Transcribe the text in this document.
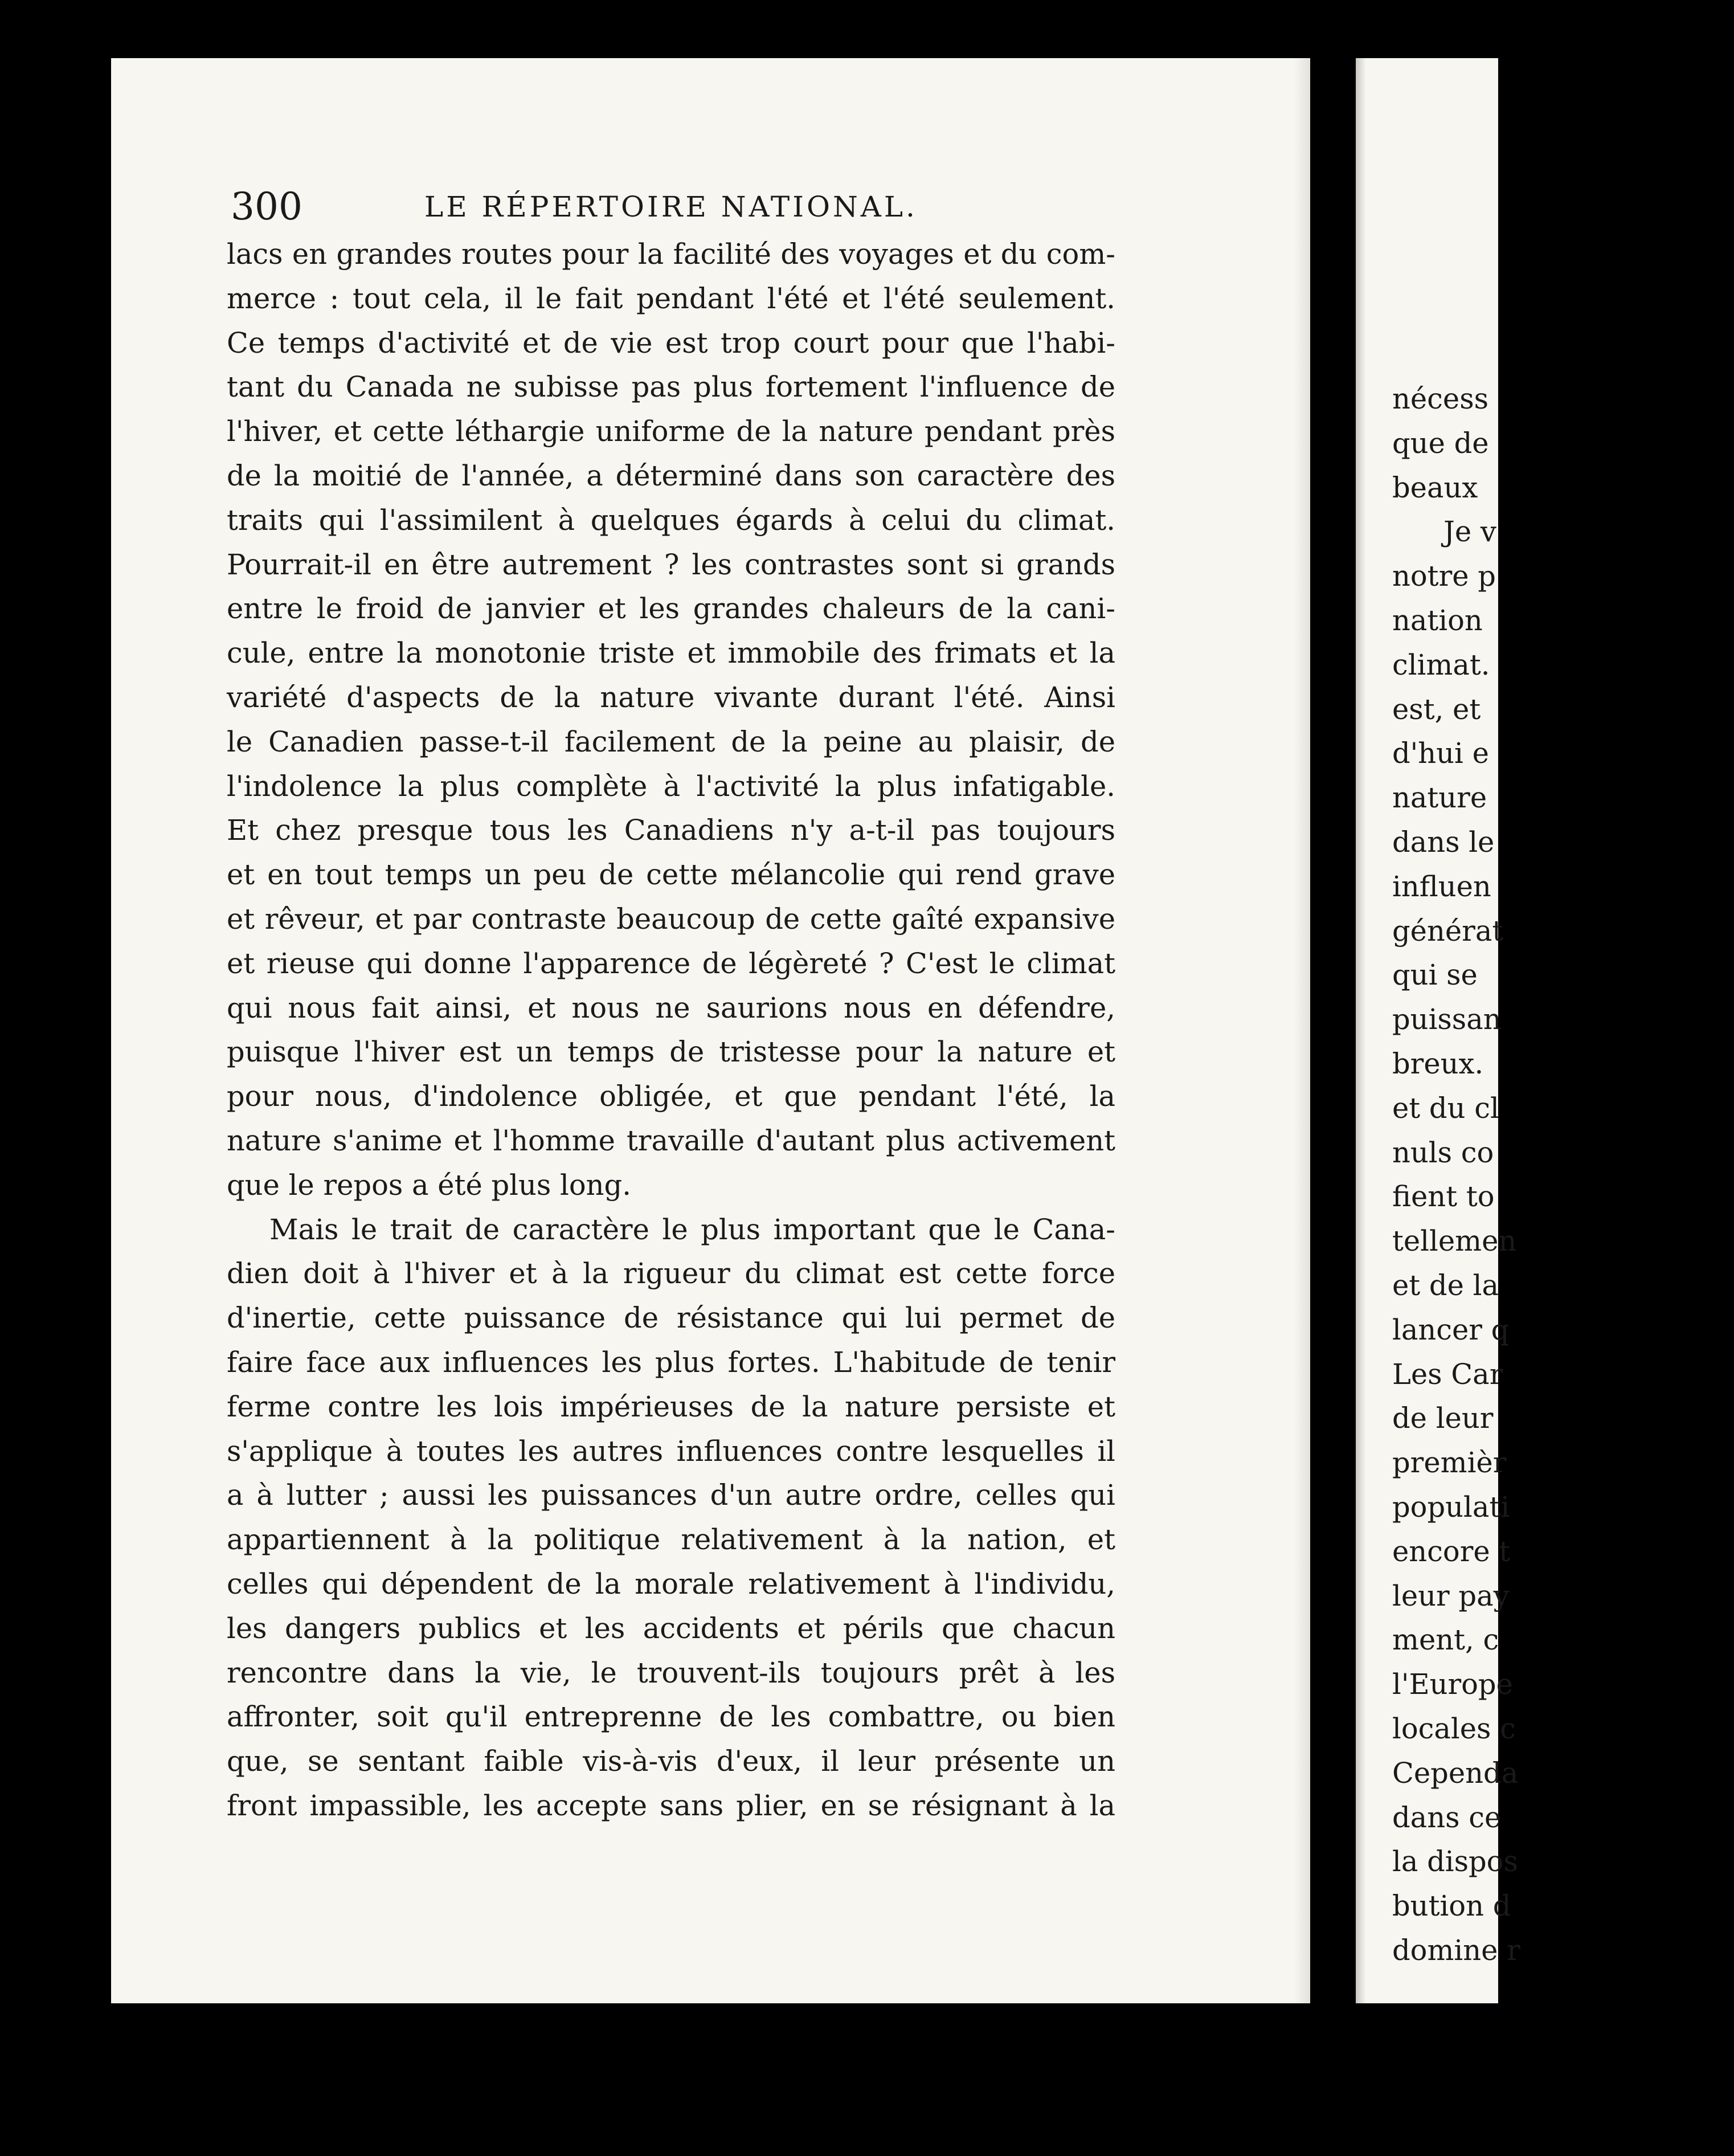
300	LE RÉPERTOIRE NATIONAL.
lacs en grandes routes pour la facilité des voyages et du com-
merce : tout cela, il le fait pendant l'été et l'été seulement.
Ce temps d'activité et de vie est trop court pour que l'habi-
tant du Canada ne subisse pas plus fortement l'influence de
l'hiver, et cette léthargie uniforme de la nature pendant près
de la moitié de l'année, a déterminé dans son caractère des
traits qui l'assimilent à quelques égards à celui du climat.
Pourrait-il en être autrement ? les contrastes sont si grands
entre le froid de janvier et les grandes chaleurs de la cani-
cule, entre la monotonie triste et immobile des frimats et la
variété d'aspects de la nature vivante durant l'été. Ainsi
le Canadien passe-t-il facilement de la peine au plaisir, de
l'indolence la plus complète à l'activité la plus infatigable.
Et chez presque tous les Canadiens n'y a-t-il pas toujours
et en tout temps un peu de cette mélancolie qui rend grave
et rêveur, et par contraste beaucoup de cette gaîté expansive
et rieuse qui donne l'apparence de légèreté ? C'est le climat
qui nous fait ainsi, et nous ne saurions nous en défendre,
puisque l'hiver est un temps de tristesse pour la nature et
pour nous, d'indolence obligée, et que pendant l'été, la
nature s'anime et l'homme travaille d'autant plus activement
que le repos a été plus long.
Mais le trait de caractère le plus important que le Cana-
dien doit à l'hiver et à la rigueur du climat est cette force
d'inertie, cette puissance de résistance qui lui permet de
faire face aux influences les plus fortes. L'habitude de tenir
ferme contre les lois impérieuses de la nature persiste et
s'applique à toutes les autres influences contre lesquelles il
a à lutter ; aussi les puissances d'un autre ordre, celles qui
appartiennent à la politique relativement à la nation, et
celles qui dépendent de la morale relativement à l'individu,
les dangers publics et les accidents et périls que chacun
rencontre dans la vie, le trouvent-ils toujours prêt à les
affronter, soit qu'il entreprenne de les combattre, ou bien
que, se sentant faible vis-à-vis d'eux, il leur présente un
front impassible, les accepte sans plier, en se résignant à la
nécess
que de
beaux
Je v
notre p
nation
climat.
est, et
d'hui e
nature
dans le
influen
générat
qui se
puissan
breux.
et du cl
nuls co
fient to
tellemen
et de la
lancer q
Les Car
de leur
premièr
populati
encore t
leur pay
ment, c
l'Europe
locales c
Cependa
dans ce
la dispos
bution d
domine r
